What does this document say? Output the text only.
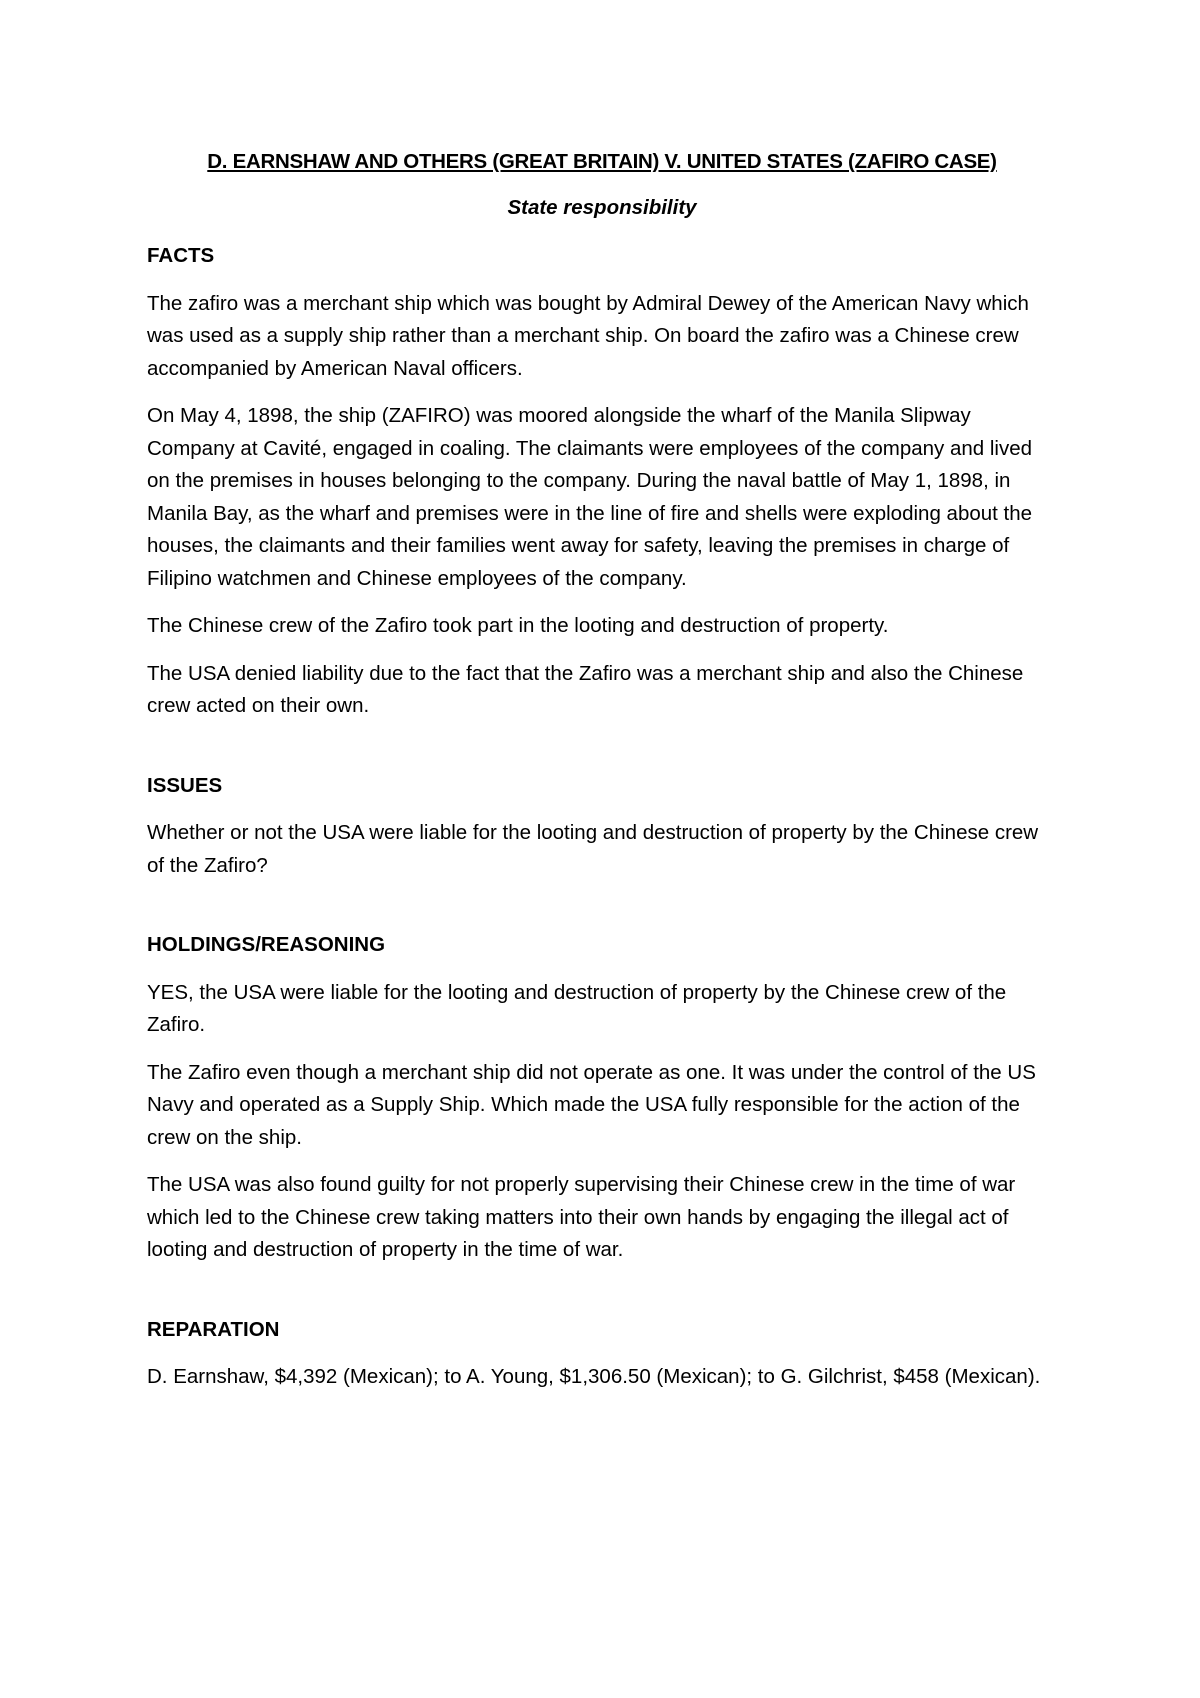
D. EARNSHAW AND OTHERS (GREAT BRITAIN) V. UNITED STATES (ZAFIRO CASE)
State responsibility
FACTS

The zafiro was a merchant ship which was bought by Admiral Dewey of the American Navy which was used as a supply ship rather than a merchant ship. On board the zafiro was a Chinese crew accompanied by American Naval officers.

On May 4, 1898, the ship (ZAFIRO) was moored alongside the wharf of the Manila Slipway Company at Cavité, engaged in coaling. The claimants were employees of the company and lived on the premises in houses belonging to the company. During the naval battle of May 1, 1898, in Manila Bay, as the wharf and premises were in the line of fire and shells were exploding about the houses, the claimants and their families went away for safety, leaving the premises in charge of Filipino watchmen and Chinese employees of the company.

The Chinese crew of the Zafiro took part in the looting and destruction of property.

The USA denied liability due to the fact that the Zafiro was a merchant ship and also the Chinese crew acted on their own.

ISSUES

Whether or not the USA were liable for the looting and destruction of property by the Chinese crew of the Zafiro?

HOLDINGS/REASONING

YES, the USA were liable for the looting and destruction of property by the Chinese crew of the Zafiro.

The Zafiro even though a merchant ship did not operate as one. It was under the control of the US Navy and operated as a Supply Ship. Which made the USA fully responsible for the action of the crew on the ship.

The USA was also found guilty for not properly supervising their Chinese crew in the time of war which led to the Chinese crew taking matters into their own hands by engaging the illegal act of looting and destruction of property in the time of war.

REPARATION

D. Earnshaw, $4,392 (Mexican); to A. Young, $1,306.50 (Mexican); to G. Gilchrist, $458 (Mexican).
